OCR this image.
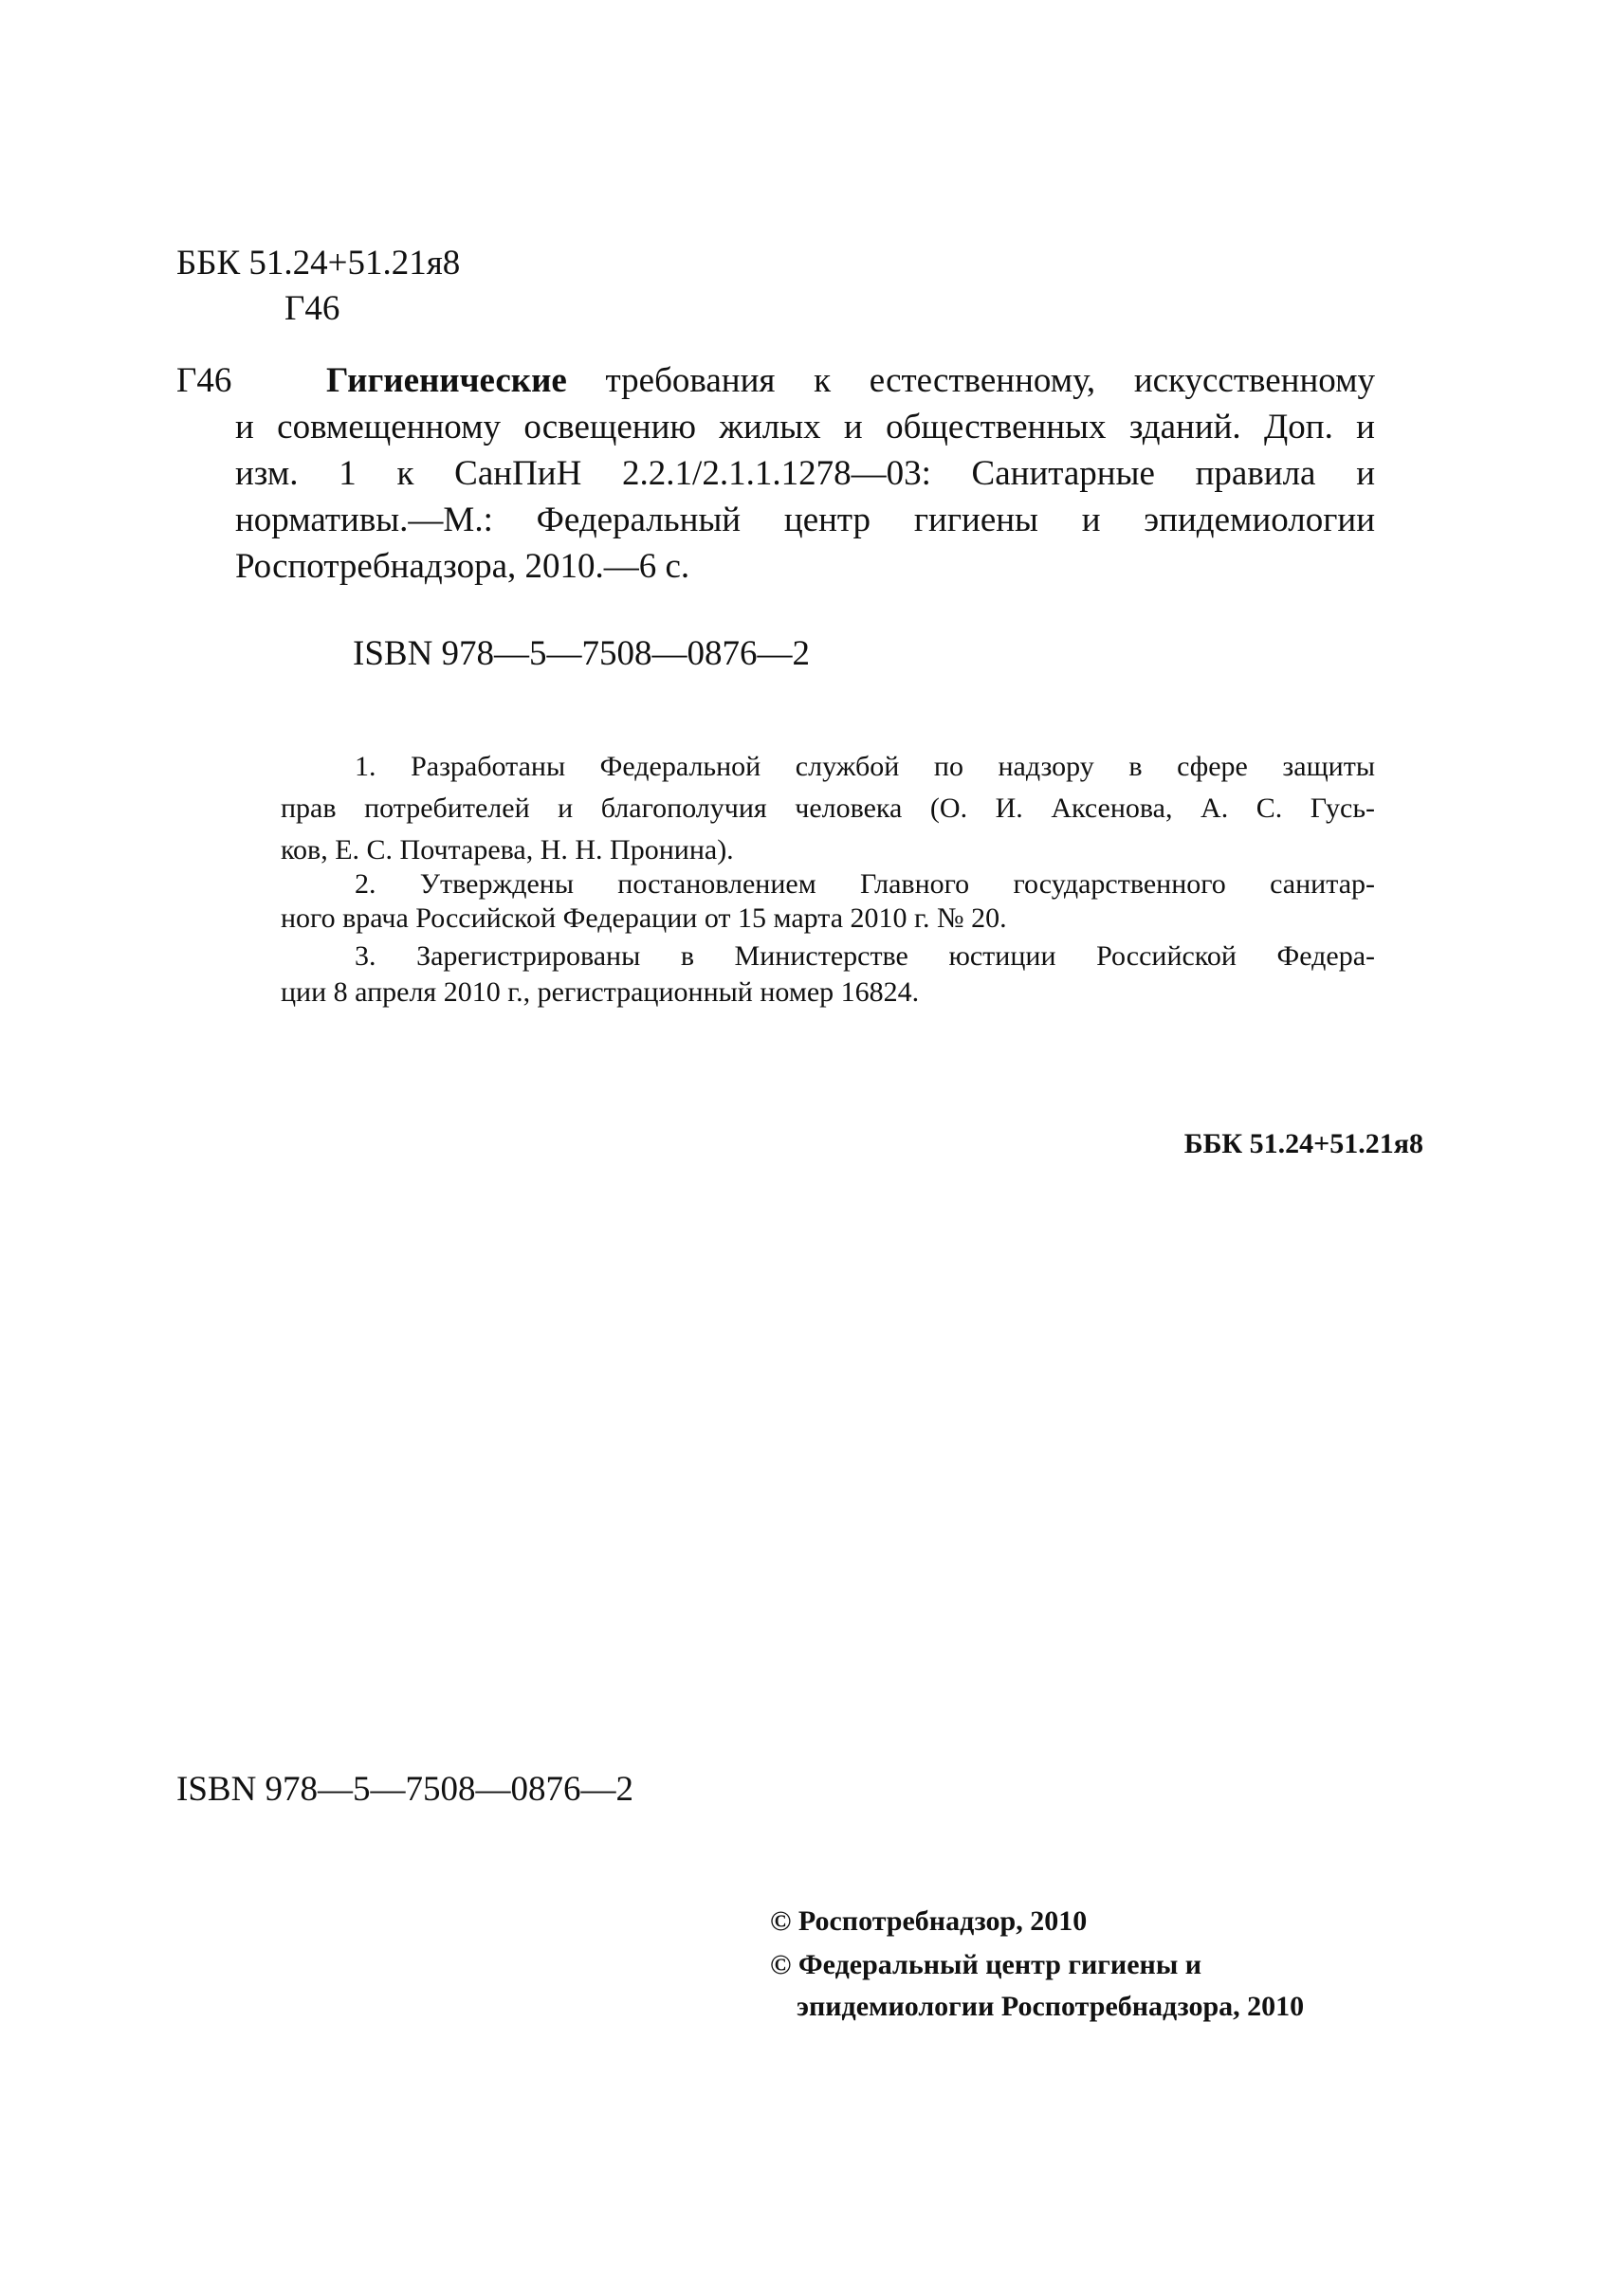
ББК 51.24+51.21я8
Г46
Г46	Гигиенические требования к естественному, искусственному
и совмещенному освещению жилых и общественных зданий. Доп. и
изм. 1 к СанПиН 2.2.1/2.1.1.1278—03: Санитарные правила и
нормативы.—М.: Федеральный центр гигиены и эпидемиологии
Роспотребнадзора, 2010.—6 с.
ISBN 978—5—7508—0876—2
1. Разработаны Федеральной службой по надзору в сфере защиты
прав потребителей и благополучия человека (О. И. Аксенова, А. С. Гусь-
ков, Е. С. Почтарева, Н. Н. Пронина).
2. Утверждены постановлением Главного государственного санитар-
ного врача Российской Федерации от 15 марта 2010 г. № 20.
3. Зарегистрированы в Министерстве юстиции Российской Федера-
ции 8 апреля 2010 г., регистрационный номер 16824.
ББК 51.24+51.21я8
ISBN 978—5—7508—0876—2
© Роспотребнадзор, 2010
© Федеральный центр гигиены и
эпидемиологии Роспотребнадзора, 2010
